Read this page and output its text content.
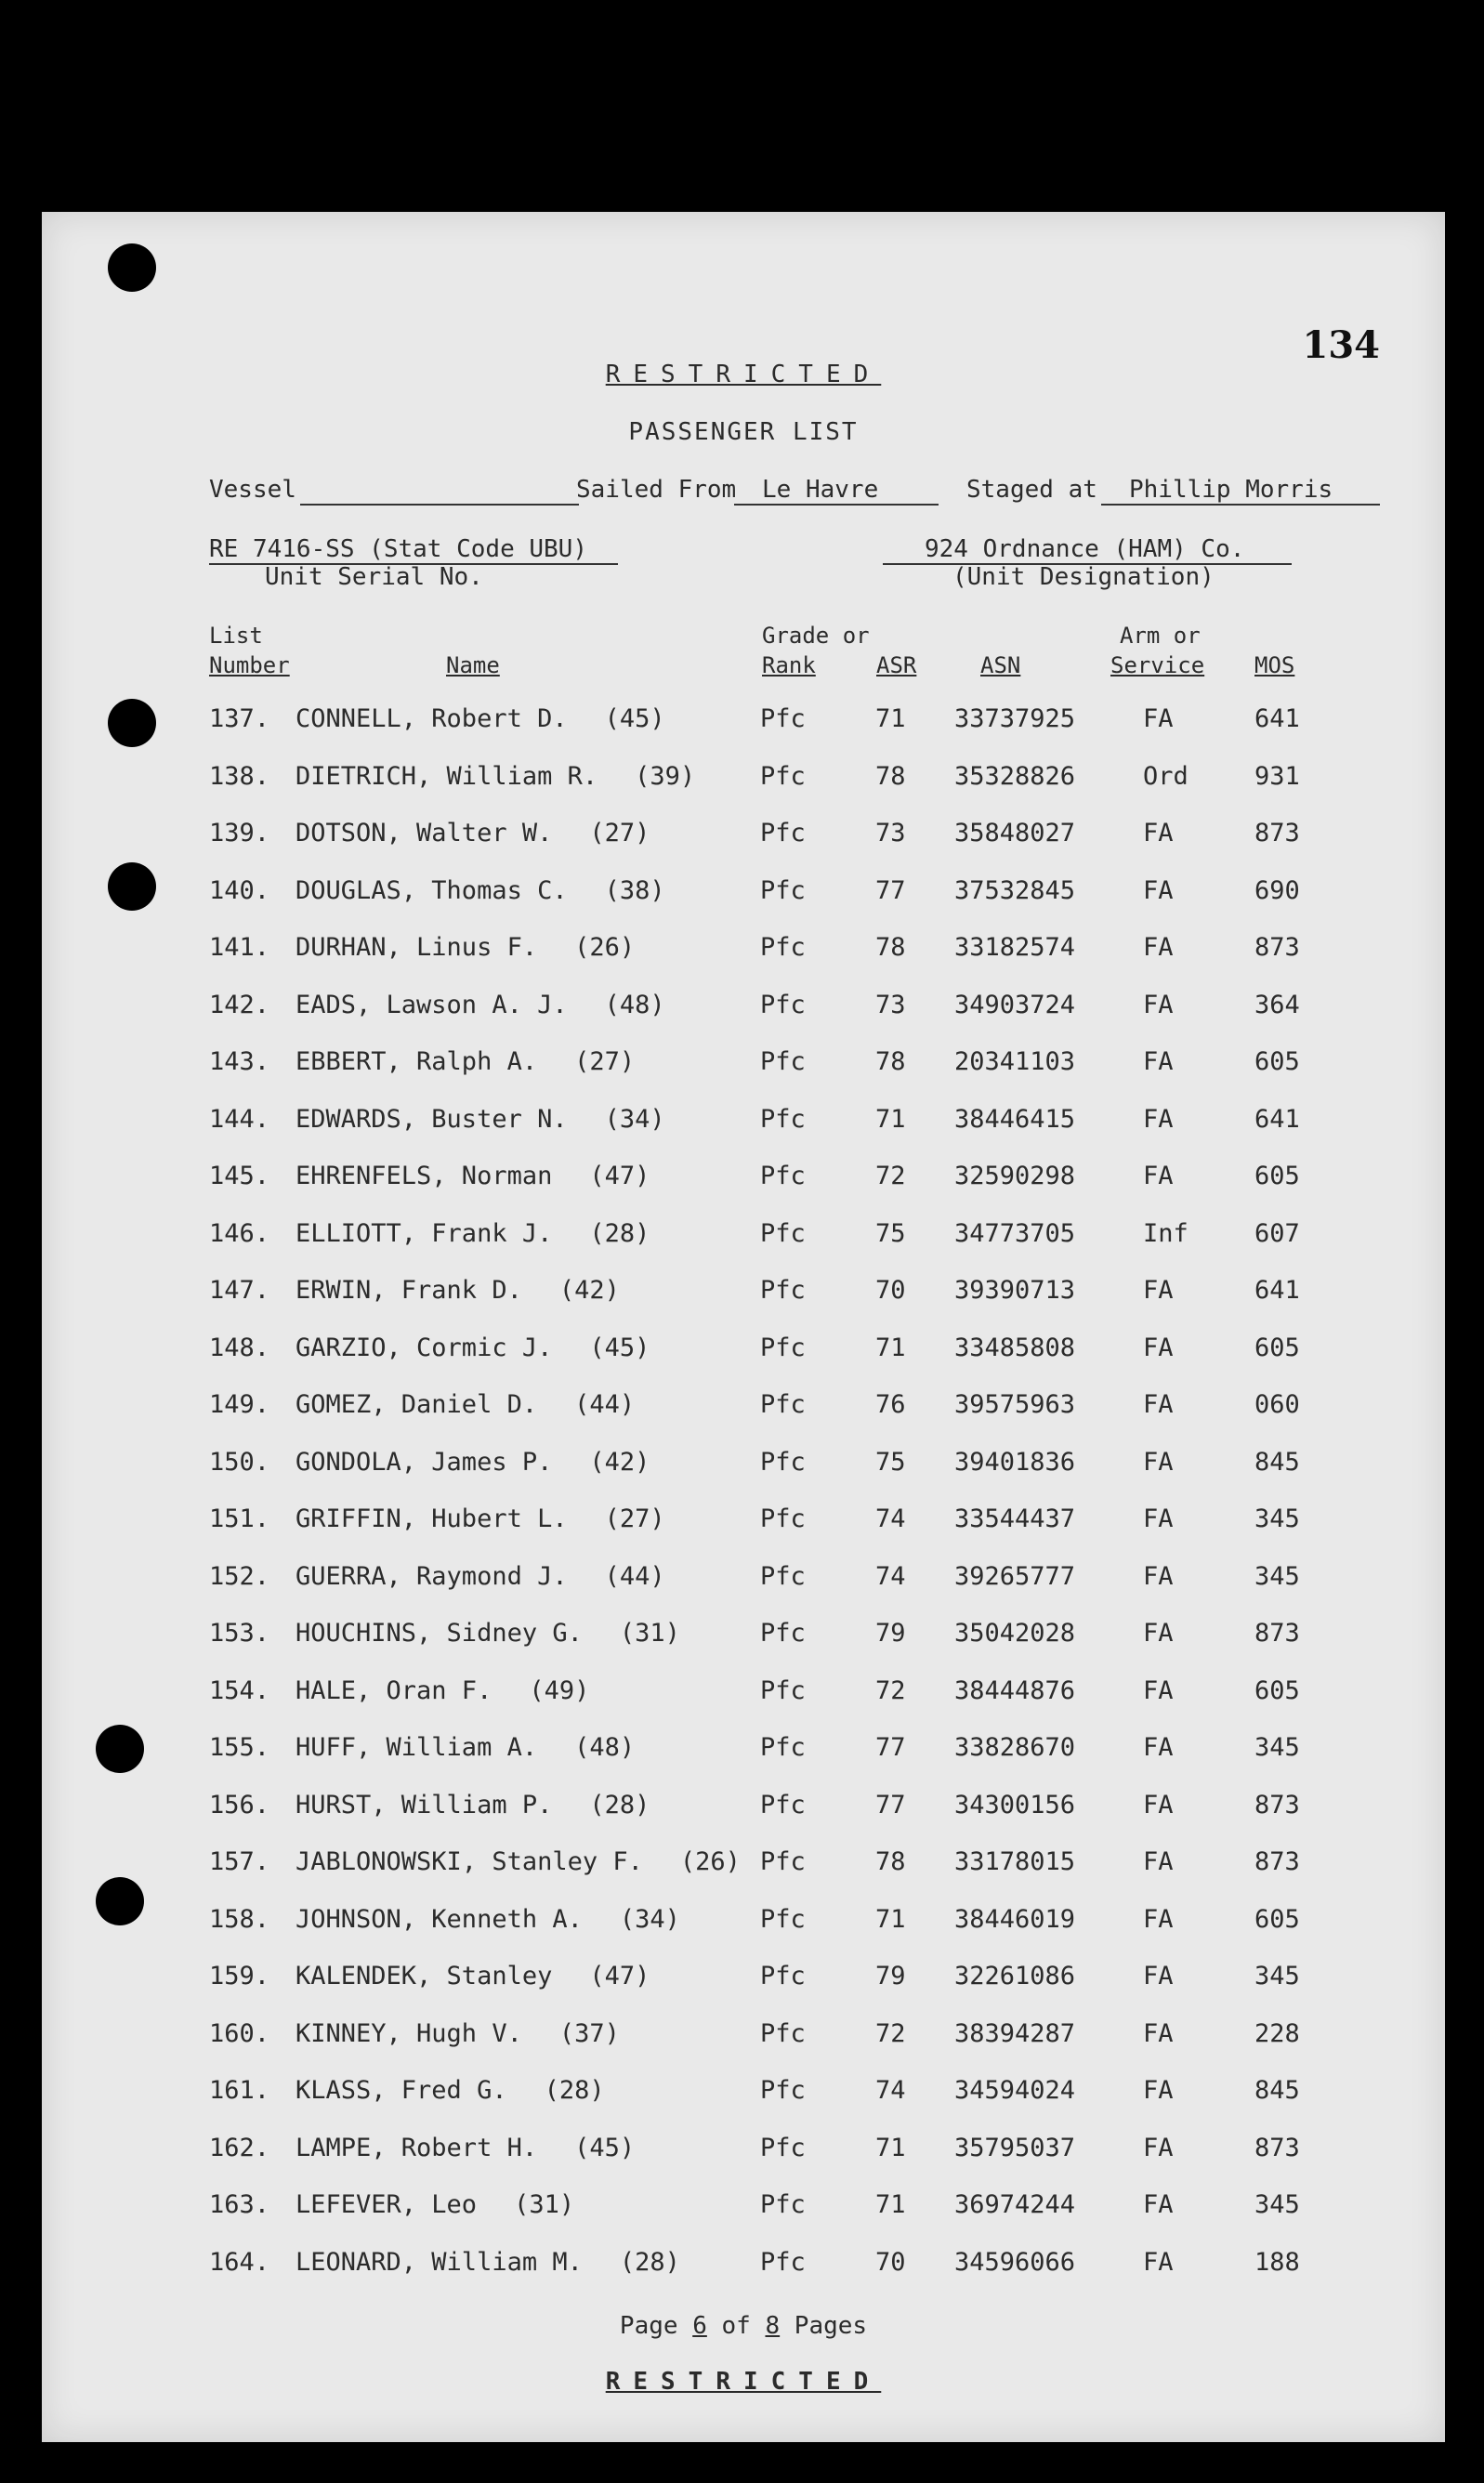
134
RESTRICTED
PASSENGER LIST
Vessel	Sailed From Le Havre	Staged at Phillip Morris
RE 7416-SS (Stat Code UBU)
Unit Serial No.
924 Ordnance (HAM) Co.
(Unit Designation)
List
Number	Name
Grade or
Rank	ASR	ASN
Arm or
Service MOS
137. CONNELL, Robert D. (45)	Pfc	71 33737925	FA	641
138. DIETRICH, William R. (39)	Pfc	78 35328826	Ord	931
139. DOTSON, Walter W. (27)	Pfc	73 35848027	FA	873
140. DOUGLAS, Thomas C. (38)	Pfc	77 37532845	FA	690
141. DURHAN, Linus F. (26)	Pfc	78 33182574	FA	873
142. EADS, Lawson A. J. (48)	Pfc	73 34903724	FA	364
143. EBBERT, Ralph A. (27)	Pfc	78 20341103	FA	605
144. EDWARDS, Buster N. (34)	Pfc	71 38446415	FA	641
145. EHRENFELS, Norman (47)	Pfc	72 32590298	FA	605
146. ELLIOTT, Frank J. (28)	Pfc	75 34773705	Inf	607
147. ERWIN, Frank D. (42)	Pfc	70 39390713	FA	641
148. GARZIO, Cormic J. (45)	Pfc	71 33485808	FA	605
149. GOMEZ, Daniel D. (44)	Pfc	76 39575963	FA	060
150. GONDOLA, James P. (42)	Pfc	75 39401836	FA	845
151. GRIFFIN, Hubert L. (27)	Pfc	74 33544437	FA	345
152. GUERRA, Raymond J. (44)	Pfc	74 39265777	FA	345
153. HOUCHINS, Sidney G. (31)	Pfc	79 35042028	FA	873
154. HALE, Oran F. (49)	Pfc	72 38444876	FA	605
155. HUFF, William A. (48)	Pfc	77 33828670	FA	345
156. HURST, William P. (28)	Pfc	77 34300156	FA	873
157. JABLONOWSKI, Stanley F. (26) Pfc	78 33178015	FA	873
158. JOHNSON, Kenneth A. (34)	Pfc	71 38446019	FA	605
159. KALENDEK, Stanley (47)	Pfc	79 32261086	FA	345
160. KINNEY, Hugh V. (37)	Pfc	72 38394287	FA	228
161. KLASS, Fred G. (28)	Pfc	74 34594024	FA	845
162. LAMPE, Robert H. (45)	Pfc	71 35795037	FA	873
163. LEFEVER, Leo (31)	Pfc	71 36974244	FA	345
164. LEONARD, William M. (28)	Pfc	70 34596066	FA	188
Page 6 of 8 Pages
RESTRICTED
